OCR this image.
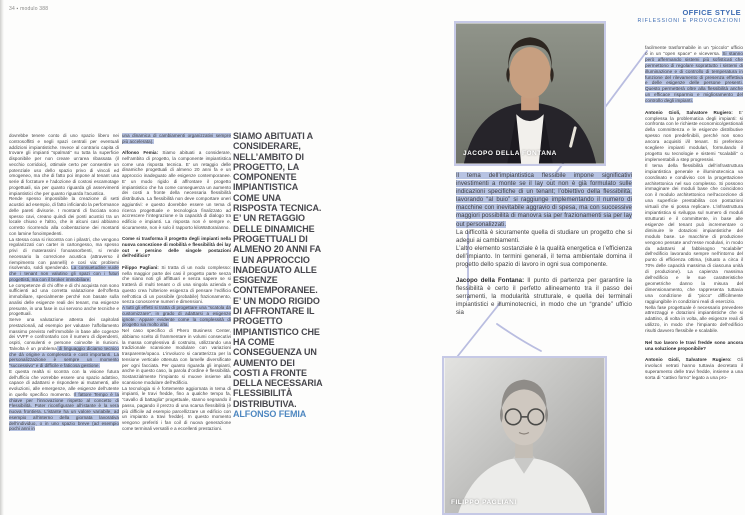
34 ▪ modulo 388

dovrebbe tenere conto di uno spazio libero nei controsoffitti e negli spazi centrali per eventuali addizioni impiantistiche. Invece al contrario capita di trovare gli impianti “spalmati” su tutta la superficie disponibile per non creare un’area ribassata (il vecchio corridoio), ottimale certo per consentire un potenziale uso dello spazio privo di vincoli ed omogeneo, ma che di fatto poi impone al tenant una serie di forzature e l’adozione di costosi escamotage progettuali, sia per quanto riguarda gli asservimenti impiantistici che per quanto riguarda l’acustica.

Rende spesso impossibile la creazione di setti acustici ad esempio, di fatto inficiando la performance delle pareti divisorie. I montanti di facciata sono spesso cavi, creano quindi dei ponti acustici tra un locale chiuso e l’altro, che in alcuni casi abbiamo corretto ricorrendo alla coibentazione dei montanti con lamine fonoimpedenti.

La stessa cosa si riscontra con i pilastri, che vengono regolarizzati con carter in cartongesso, ma spesso privi di materassini fonoassorbenti, si rende necessario la correzione acustica (attraverso il riempimento con pannelli) e così via: problemi risolvendo, soldi spendendo. La consuetudine vuole che i tenant non valutino gli spazi con i futuri progettisti, ma con il broker immobiliare.

Le competenze di chi offre e di chi acquista non sono sufficienti ad una corretta valutazione dell’offerta immobiliare, specialmente perché non basate sulla analisi delle esigenze reali dei tenant, ma esigenze presunte, in una fase in cui servono anche tecniche e progettuali.

Serve una valutazione attenta dei capitolati prestazionali, ad esempio per valutare l’affollamento massimo previsto nell’immobile in base alle cogenze dei VVFF e confrontarlo con il numero di dipendenti, ospiti, consulenti e persone coinvolte in riunioni. Talvolta è un problema di linguaggio diciamo tecnico che dà origine a complessità e costi importanti. La personalizzazione è sempre un momento “successivo” e di difficile e faticosa gestione.

E questa realtà si scontra con la visione futura dell’ufficio che vorrebbe essere uno spazio adattivo, capace di adattarsi e rispondere ai mutamenti, alle evoluzioni, alle emergenze, alle esigenze dell’utente in quello specifico momento. Il fattore Tempo è la chiave per l’innovazione rispetto al concetto di Flessibilità. Poter riconfigurare all’istante è la vera nuova frontiera. L’istante ha un valore variabile, ad esempio all’interno della giornata lavorativa dell’individuo, o in uno spazio breve (ad esempio pochi anni in

una dinamica di cambiamenti organizzativi sempre più accelerata).

Alfonso Femia: Siamo abituati a considerare, nell’ambito di progetto, la componente impiantistica come una risposta tecnica. E’ un retaggio delle dinamiche progettuali di almeno 20 anni fa e un approccio inadeguato alle esigenze contemporanee. E’ un modo rigido di affrontare il progetto impiantistico che ha come conseguenza un aumento dei costi a fronte della necessaria flessibilità distributiva. La flessibilità non deve comportare oneri aggiuntivi: e questo dovrebbe essere un tema di ricerca progettuale e tecnologica finalizzato ad accrescere l’integrazione e la capacità di dialogo tra edificio e impianti. La risposta non è sempre e, sicuramente, non è solo il rapporto kiloWattora/anno.

Come si trasforma il progetto degli impianti nella nuova concezione di mobilità e flessibilità dei lay out e persino delle singole postazioni dell’edificio?

Filippo Pagliani: Si tratta di un nodo complesso: nella maggior parte dei casi il progetto parte senza che siano noti gli affittuari e senza sapere se si tratterà di multi tenant o di una singola azienda e questo crea l’ulteriore esigenza di pensare l’edificio nell’ottica di un possibile (probabile) frazionamento, senza conoscerne numeri e dimensioni.

A tutti gli effetti si tratta di progettare una “scatola da customizzare”, in grado di adattarsi a esigenze ignote. Appare evidente come la complessità di progetto sia molto alta.

Nel caso specifico di Phero Business Center, abbiamo scelto di frammentare in volumi consecutivi la massa complessiva di costruito, utilizzando una tradizionale scansione modulare con variazioni trasparente/opaco. L’involucro si caratterizza per la tensione verticale ottenuta con lamelle diversificate per ogni facciata. Per quanto riguarda gli impianti, anche in questo caso, la parola d’ordine è flessibilità. Sostanzialmente l’impianto si muove insieme alla scansione modulare dell’edificio.

La tecnologia si è fortemente aggiornata in tema di impianti, le travi fredde, fino a qualche tempo fa, “cavallo di battaglia” progettuale, stanno segnando il passo, pagando il prezzo di una scarsa flessibilità (è più difficile ad esempio parcellizzare un edificio con un impianto a travi fredde). In questo momento vengono preferiti i fan coil di nuova generazione come terminali versatili e a eccellenti prestazioni.

SIAMO ABITUATI A CONSIDERARE, NELL’AMBITO DI PROGETTO, LA COMPONENTE IMPIANTISTICA COME UNA RISPOSTA TECNICA. E’ UN RETAGGIO DELLE DINAMICHE PROGETTUALI DI ALMENO 20 ANNI FA E UN APPROCCIO INADEGUATO ALLE ESIGENZE CONTEMPORANEE. E’ UN MODO RIGIDO DI AFFRONTARE IL PROGETTO IMPIANTISTICO CHE HA COME CONSEGUENZA UN AUMENTO DEI COSTI A FRONTE DELLA NECESSARIA FLESSIBILITÀ DISTRIBUTIVA. ALFONSO FEMIA
OFFICE STYLE
RIFLESSIONI E PROVOCAZIONI
JACOPO DELLA FONTANA
FILIPPO PAGLIANI

Il tema dell’impiantistica flessibile impone significativi investimenti a monte se il lay out non è già formulato sulle indicazioni specifiche di un tenant; l’obiettivo della flessibilità, lavorando “al buio” si raggiunge implementando il numero di macchine con inevitabile aggravio di spesa, ma con successive maggiori possibilità di manovra sia per frazionamenti sia per lay out personalizzati.

La difficoltà è sicuramente quella di studiare un progetto che si adegui ai cambiamenti.

L’altro elemento sostanziale è la qualità energetica e l’efficienza dell’impianto. In termini generali, il tema ambientale domina il progetto dello spazio di lavoro in ogni sua componente.

Jacopo della Fontana: Il punto di partenza per garantire la flessibilità è certo il perfetto allineamento tra il passo dei serramenti, la modularità strutturale, e quella dei terminali impiantistici e illuminotecnici, in modo che un “grande” ufficio sia

facilmente trasformabile in un “piccolo” ufficio o in un “open space” e viceversa. Si stanno però affermando sistemi più sofisticati che permettono di regolare soprattutto i sistemi di illuminazione e di controllo di temperatura in funzione del rilevamento di presenza effettiva e delle esigenze delle persone presenti. Questo permetterà oltre alla flessibilità anche un efficace risparmio e miglioramento del controllo degli impianti.

Antonio Gioli, Salvatore Rugiero: E’ complessa la problematica degli impianti: si confronta con le richieste economico/gestionali della committenza e le esigenze distributive spesso non predefinibili, perché non sono ancora acquisiti i/il tenant. Si preferisce scegliere impianti modulari, formulando il progetto su tecnologie e sistemi “scalabili” o implementabili a step progressivi.

Il tema della flessibilità dell’infrastruttura impiantistica generale e illuminotecnica va coordinato e condiviso con la progettazione architettonica nel suo complesso. Si possono immaginare dei moduli base che coincidono con il modulo architettonico nell’accezione di una superficie prestabilita con postazioni virtuali che si possa replicare. L’infrastruttura impiantistica si sviluppa sul numero di moduli strutturati e il committente, in base alle esigenze del tenant può incrementare o diminuire le dotazioni impiantistiche del modulo base. Le macchine di produzione vengono pensate anch’esse modulari, in modo da adattarsi al fabbisogno “scalabile” dell’edificio lavorando sempre nell’intorno del punto di efficienza ottima, (situato a circa il 70% delle capacità massima di ciascuna unità di produzione). La capienza massima dell’edificio e le sue caratteristiche geometriche danno la misura del dimensionamento, che rappresenta tuttavia una condizione di “picco” difficilmente raggiungibile in condizioni reali di esercizio.

Nella fase progettuale è necessario prevedere attrezzaggi e dotazioni impiantistiche che si adattino, di volta in volta, alle esigenze reali di utilizzo, in modo che l’impianto dell’edificio risulti davvero flessibile e scalabile.

Nel tuo lavoro le travi fredde sono ancora una soluzione proponibile?

Antonio Gioli, Salvatore Rugiero: Gli involucri vetrati hanno tuttavia decretato il superamento delle travi fredde, insieme a una sorta di “cattivo forno” legato a una pro-
